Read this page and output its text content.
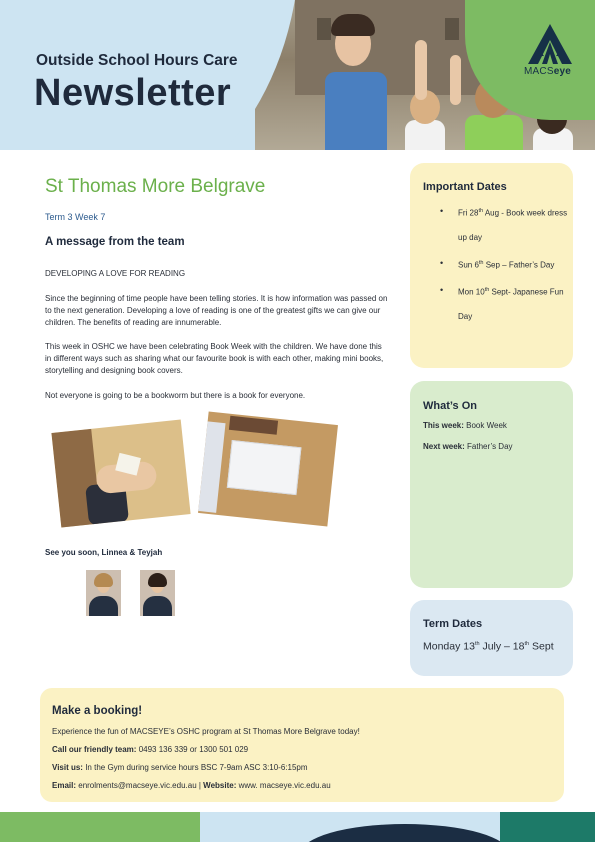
MACSeye
Outside School Hours Care
Newsletter
St Thomas More Belgrave
Term 3 Week 7
A message from the team
DEVELOPING A LOVE FOR READING
Since the beginning of time people have been telling stories. It is how information was passed on to the next generation. Developing a love of reading is one of the greatest gifts we can give our children. The benefits of reading are innumerable.
This week in OSHC we have been celebrating Book Week with the children. We have done this in different ways such as sharing what our favourite book is with each other, making mini books, storytelling and designing book covers.
Not everyone is going to be a bookworm but there is a book for everyone.
See you soon, Linnea & Teyjah
Important Dates
• Fri 28th Aug - Book week dress up day
• Sun 6th Sep – Father’s Day
• Mon 10th Sept- Japanese Fun Day
What’s On
This week: Book Week
Next week: Father’s Day
Term Dates
Monday 13th July – 18th Sept
Make a booking!
Experience the fun of MACSEYE’s OSHC program at St Thomas More Belgrave today!
Call our friendly team: 0493 136 339 or 1300 501 029
Visit us: In the Gym during service hours BSC 7-9am ASC 3:10-6:15pm
Email: enrolments@macseye.vic.edu.au | Website: www. macseye.vic.edu.au
